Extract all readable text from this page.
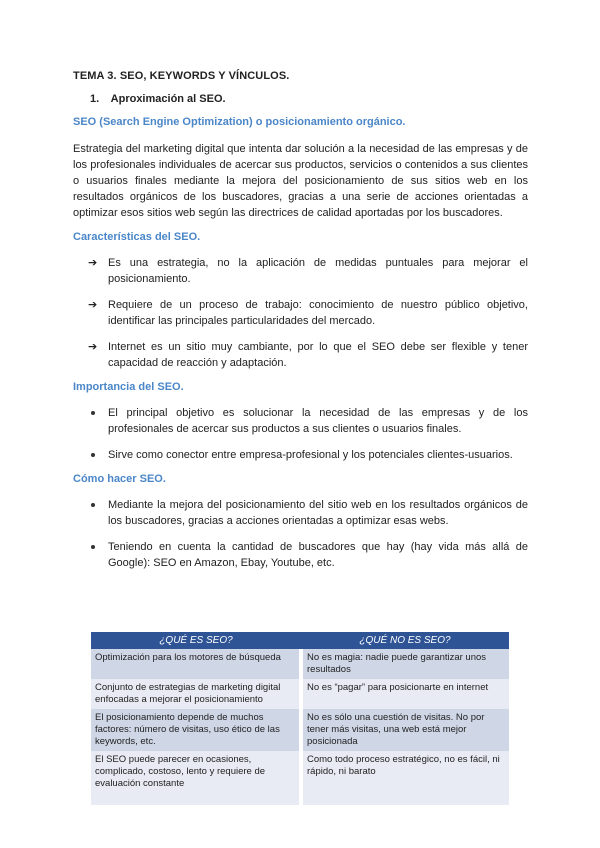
TEMA 3. SEO, KEYWORDS Y VÍNCULOS.
1. Aproximación al SEO.
SEO (Search Engine Optimization) o posicionamiento orgánico.

Estrategia del marketing digital que intenta dar solución a la necesidad de las empresas y de los profesionales individuales de acercar sus productos, servicios o contenidos a sus clientes o usuarios finales mediante la mejora del posicionamiento de sus sitios web en los resultados orgánicos de los buscadores, gracias a una serie de acciones orientadas a optimizar esos sitios web según las directrices de calidad aportadas por los buscadores.

Características del SEO.
➔ Es una estrategia, no la aplicación de medidas puntuales para mejorar el posicionamiento.
➔ Requiere de un proceso de trabajo: conocimiento de nuestro público objetivo, identificar las principales particularidades del mercado.
➔ Internet es un sitio muy cambiante, por lo que el SEO debe ser flexible y tener capacidad de reacción y adaptación.
Importancia del SEO.
El principal objetivo es solucionar la necesidad de las empresas y de los profesionales de acercar sus productos a sus clientes o usuarios finales.
Sirve como conector entre empresa-profesional y los potenciales clientes-usuarios.
Cómo hacer SEO.
Mediante la mejora del posicionamiento del sitio web en los resultados orgánicos de los buscadores, gracias a acciones orientadas a optimizar esas webs.
Teniendo en cuenta la cantidad de buscadores que hay (hay vida más allá de Google): SEO en Amazon, Ebay, Youtube, etc.
¿QUÉ ES SEO?	¿QUÉ NO ES SEO?
Optimización para los motores de búsqueda	No es magia: nadie puede garantizar unos resultados
Conjunto de estrategias de marketing digital enfocadas a mejorar el posicionamiento	No es “pagar” para posicionarte en internet
El posicionamiento depende de muchos factores: número de visitas, uso ético de las keywords, etc.	No es sólo una cuestión de visitas. No por tener más visitas, una web está mejor posicionada
El SEO puede parecer en ocasiones, complicado, costoso, lento y requiere de evaluación constante	Como todo proceso estratégico, no es fácil, ni rápido, ni barato
